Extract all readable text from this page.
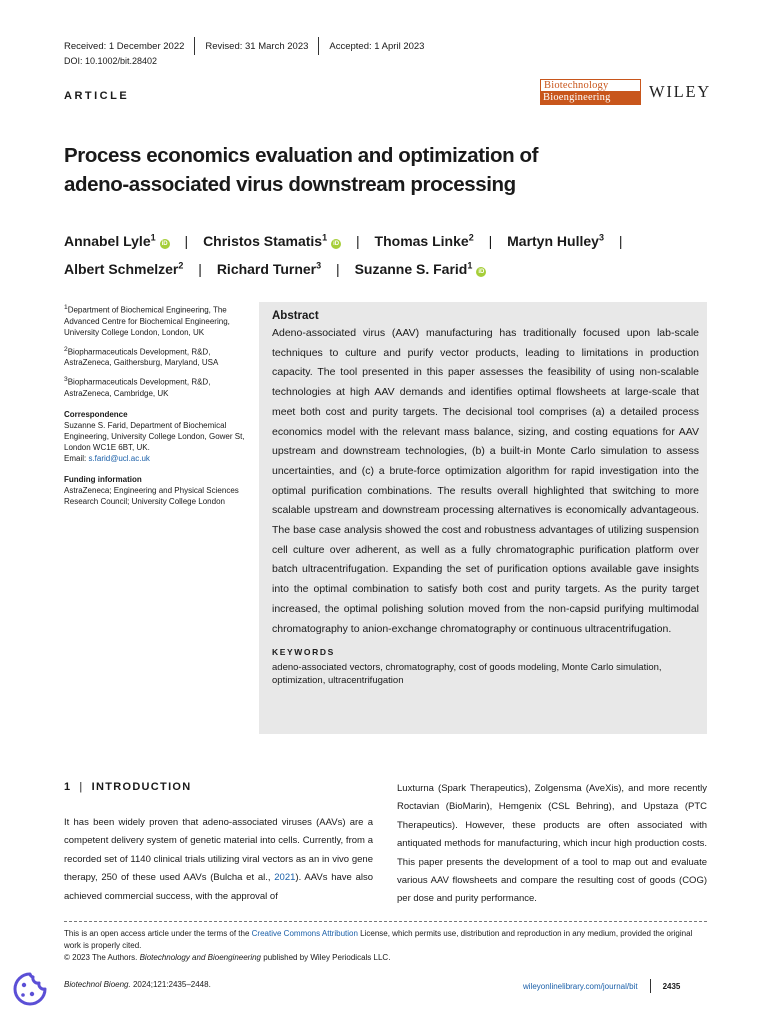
Received: 1 December 2022 Revised: 31 March 2023 Accepted: 1 April 2023
DOI: 10.1002/bit.28402
ARTICLE
Biotechnology
Bioengineering	WILEY
Process economics evaluation and optimization of
adeno-associated virus downstream processing
Annabel Lyle$^1$iD | Christos Stamatis$^1$iD | Thomas Linke$^2$ | Martyn Hulley$^3$ |
Albert Schmelzer$^2$ | Richard Turner$^3$ | Suzanne S. Farid$^1$iD

$^1$Department of Biochemical Engineering, The Advanced Centre for Biochemical Engineering, University College London, London, UK

$^2$Biopharmaceuticals Development, R&D, AstraZeneca, Gaithersburg, Maryland, USA

$^3$Biopharmaceuticals Development, R&D, AstraZeneca, Cambridge, UK

Correspondence

Suzanne S. Farid, Department of Biochemical Engineering, University College London, Gower St, London WC1E 6BT, UK.
Email: s.farid@ucl.ac.uk

Funding information

AstraZeneca; Engineering and Physical Sciences Research Council; University College London

Abstract
Adeno-associated virus (AAV) manufacturing has traditionally focused upon lab-scale techniques to culture and purify vector products, leading to limitations in production capacity. The tool presented in this paper assesses the feasibility of using non-scalable technologies at high AAV demands and identifies optimal flowsheets at large-scale that meet both cost and purity targets. The decisional tool comprises (a) a detailed process economics model with the relevant mass balance, sizing, and costing equations for AAV upstream and downstream technologies, (b) a built-in Monte Carlo simulation to assess uncertainties, and (c) a brute-force optimization algorithm for rapid investigation into the optimal purification combinations. The results overall highlighted that switching to more scalable upstream and downstream processing alternatives is economically advantageous. The base case analysis showed the cost and robustness advantages of utilizing suspension cell culture over adherent, as well as a fully chromatographic purification platform over batch ultracentrifugation. Expanding the set of purification options available gave insights into the optimal combination to satisfy both cost and purity targets. As the purity target increased, the optimal polishing solution moved from the non-capsid purifying multimodal chromatography to anion-exchange chromatography or continuous ultracentrifugation.
KEYWORDS
adeno-associated vectors, chromatography, cost of goods modeling, Monte Carlo simulation, optimization, ultracentrifugation
1 | INTRODUCTION
It has been widely proven that adeno-associated viruses (AAVs) are a competent delivery system of genetic material into cells. Currently, from a recorded set of 1140 clinical trials utilizing viral vectors as an in vivo gene therapy, 250 of these used AAVs (Bulcha et al., 2021). AAVs have also achieved commercial success, with the approval of
Luxturna (Spark Therapeutics), Zolgensma (AveXis), and more recently Roctavian (BioMarin), Hemgenix (CSL Behring), and Upstaza (PTC Therapeutics). However, these products are often associated with antiquated methods for manufacturing, which incur high production costs. This paper presents the development of a tool to map out and evaluate various AAV flowsheets and compare the resulting cost of goods (COG) per dose and purity performance.

This is an open access article under the terms of the Creative Commons Attribution License, which permits use, distribution and reproduction in any medium, provided the original work is properly cited.

© 2023 The Authors. Biotechnology and Bioengineering published by Wiley Periodicals LLC.

Biotechnol Bioeng. 2024;121:2435–2448.	wileyonlinelibrary.com/journal/bit	2435
